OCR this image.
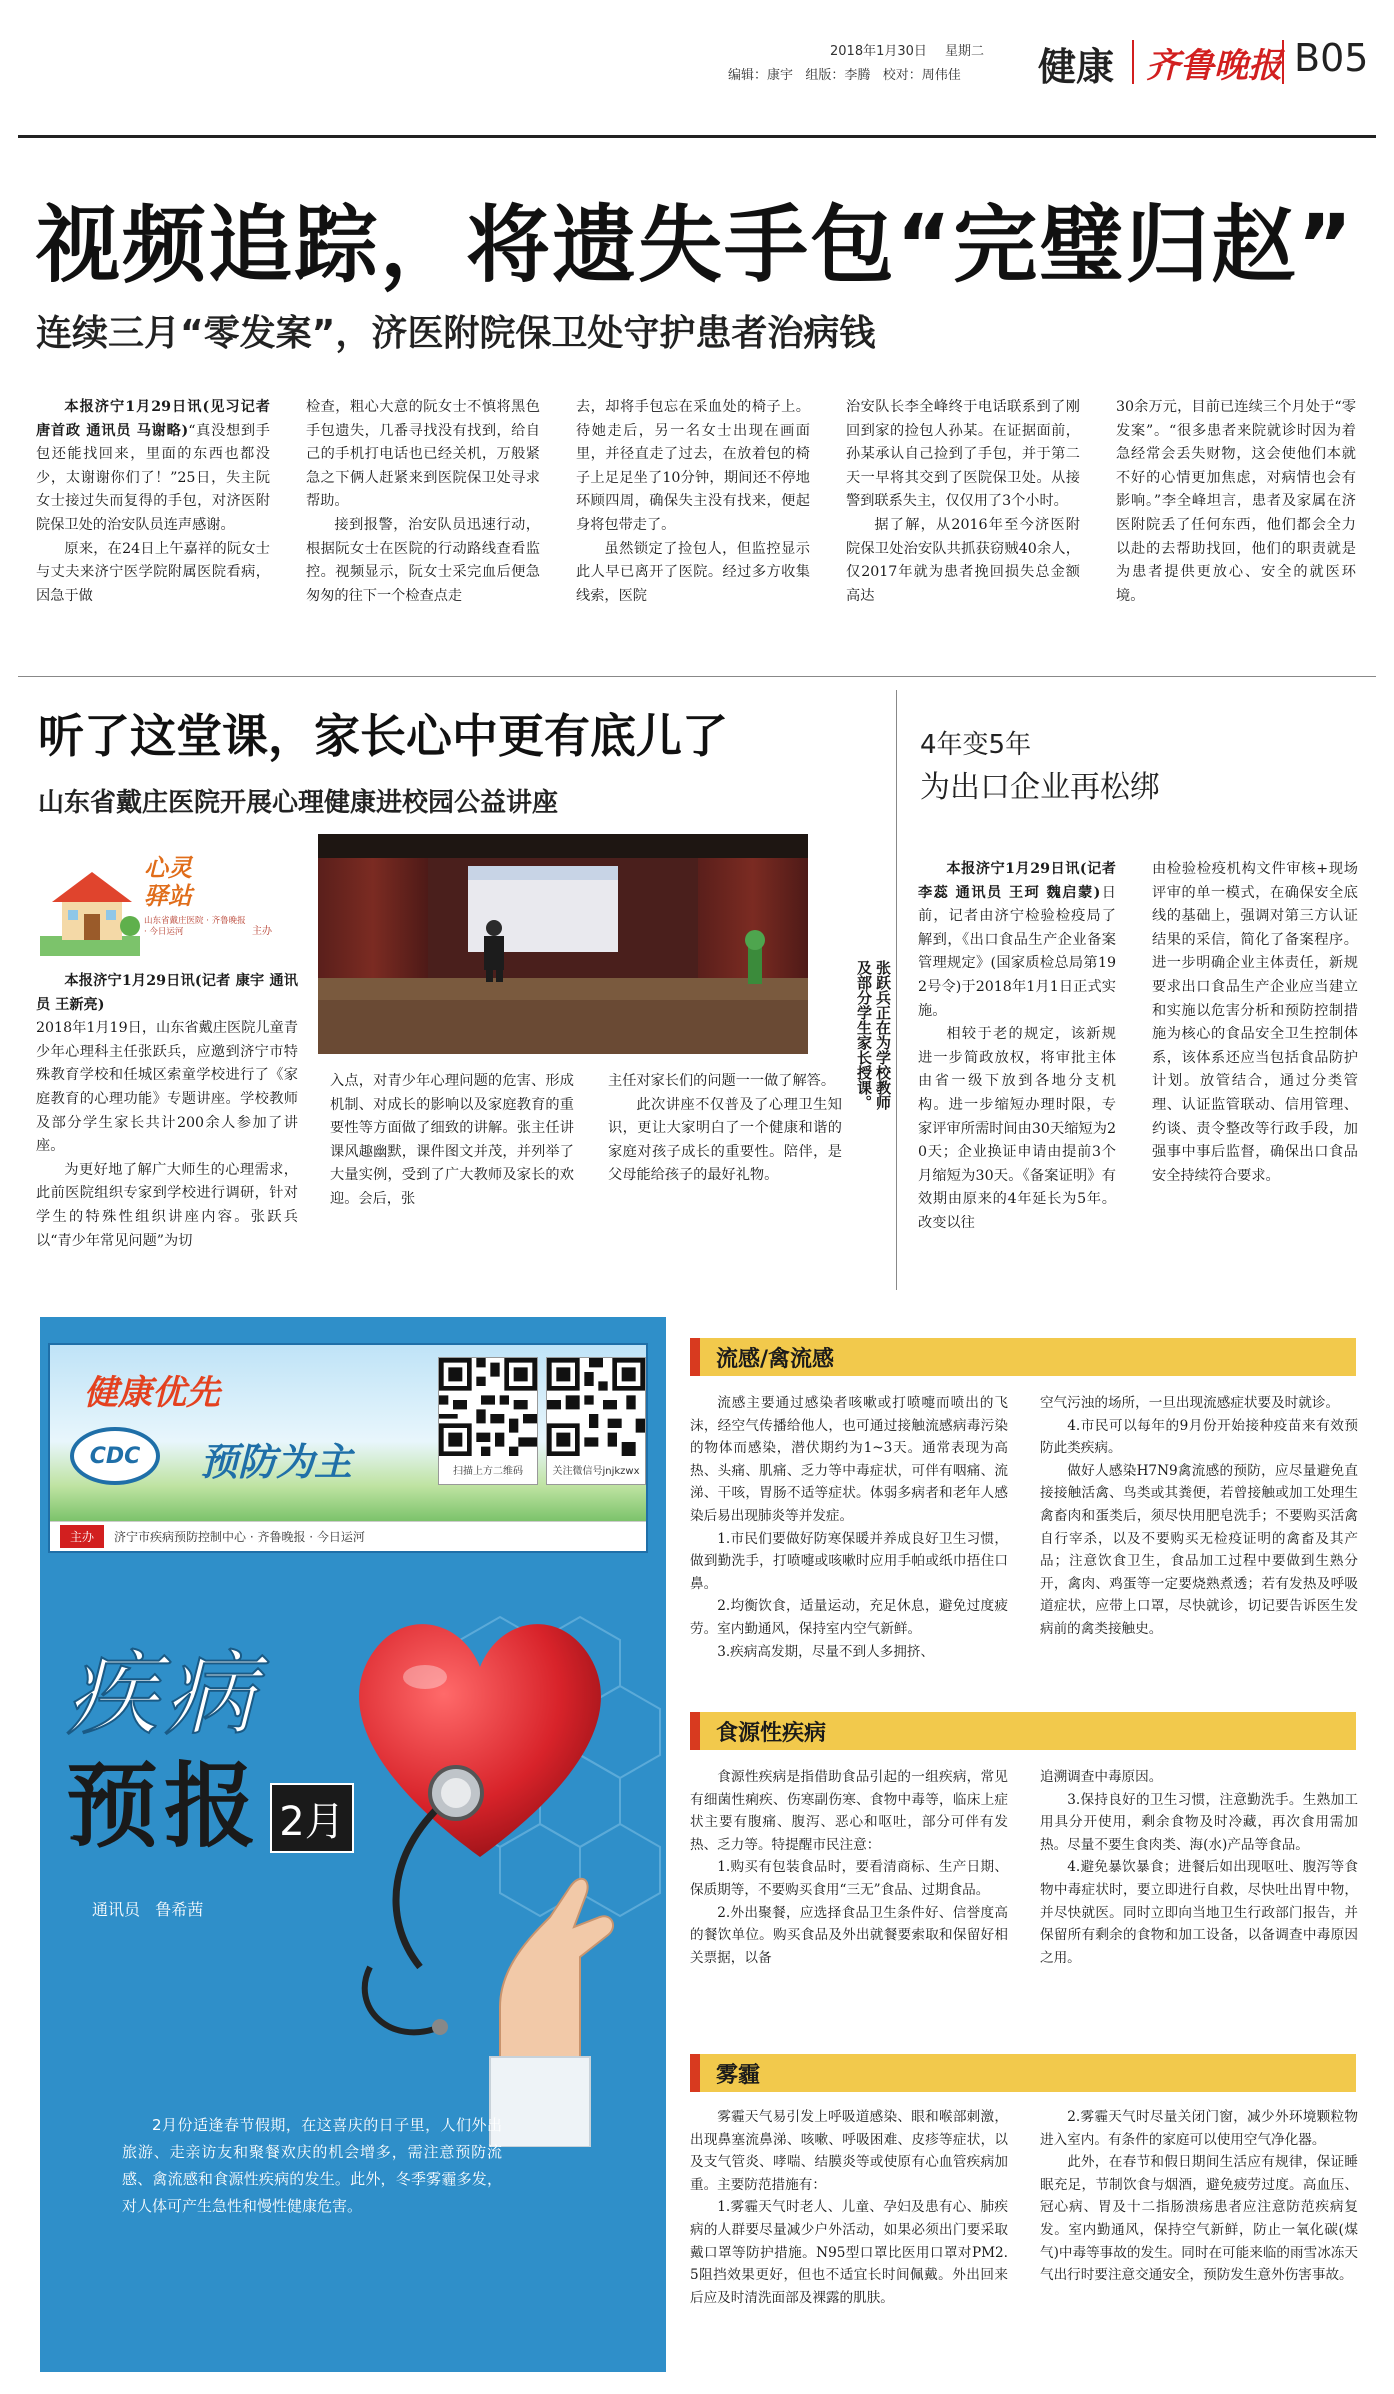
2018年1月30日 星期二
编辑：康宇   组版：李腾   校对：周伟佳 健康 齐鲁晚报 B05
视频追踪，将遗失手包“完璧归赵”
连续三月“零发案”，济医附院保卫处守护患者治病钱

本报济宁1月29日讯(见习记者 唐首政 通讯员 马谢略)“真没想到手包还能找回来，里面的东西也都没少，太谢谢你们了！”25日，失主阮女士接过失而复得的手包，对济医附院保卫处的治安队员连声感谢。

原来，在24日上午嘉祥的阮女士与丈夫来济宁医学院附属医院看病，因急于做

检查，粗心大意的阮女士不慎将黑色手包遗失，几番寻找没有找到，给自己的手机打电话也已经关机，万般紧急之下俩人赶紧来到医院保卫处寻求帮助。

接到报警，治安队员迅速行动，根据阮女士在医院的行动路线查看监控。视频显示，阮女士采完血后便急匆匆的往下一个检查点走

去，却将手包忘在采血处的椅子上。待她走后，另一名女士出现在画面里，并径直走了过去，在放着包的椅子上足足坐了10分钟，期间还不停地环顾四周，确保失主没有找来，便起身将包带走了。

虽然锁定了捡包人，但监控显示此人早已离开了医院。经过多方收集线索，医院

治安队长李全峰终于电话联系到了刚回到家的捡包人孙某。在证据面前，孙某承认自己捡到了手包，并于第二天一早将其交到了医院保卫处。从接警到联系失主，仅仅用了3个小时。

据了解，从2016年至今济医附院保卫处治安队共抓获窃贼40余人，仅2017年就为患者挽回损失总金额高达

30余万元，目前已连续三个月处于“零发案”。“很多患者来院就诊时因为着急经常会丢失财物，这会使他们本就不好的心情更加焦虑，对病情也会有影响。”李全峰坦言，患者及家属在济医附院丢了任何东西，他们都会全力以赴的去帮助找回，他们的职责就是为患者提供更放心、安全的就医环境。

听了这堂课，家长心中更有底儿了
山东省戴庄医院开展心理健康进校园公益讲座
心灵驿站
山东省戴庄医院 · 齐鲁晚报 · 今日运河	主办
张跃兵正在为学校教师及部分学生家长授课。

本报济宁1月29日讯(记者 康宇 通讯员 王新亮)

2018年1月19日，山东省戴庄医院儿童青少年心理科主任张跃兵，应邀到济宁市特殊教育学校和任城区索童学校进行了《家庭教育的心理功能》专题讲座。学校教师及部分学生家长共计200余人参加了讲座。

为更好地了解广大师生的心理需求，此前医院组织专家到学校进行调研，针对学生的特殊性组织讲座内容。张跃兵以“青少年常见问题”为切

入点，对青少年心理问题的危害、形成机制、对成长的影响以及家庭教育的重要性等方面做了细致的讲解。张主任讲课风趣幽默，课件图文并茂，并列举了大量实例，受到了广大教师及家长的欢迎。会后，张

主任对家长们的问题一一做了解答。

此次讲座不仅普及了心理卫生知识，更让大家明白了一个健康和谐的家庭对孩子成长的重要性。陪伴，是父母能给孩子的最好礼物。

4年变5年
为出口企业再松绑

本报济宁1月29日讯(记者 李蕊 通讯员 王珂 魏启蒙)日前，记者由济宁检验检疫局了解到，《出口食品生产企业备案管理规定》(国家质检总局第192号令)于2018年1月1日正式实施。

相较于老的规定，该新规进一步简政放权，将审批主体由省一级下放到各地分支机构。进一步缩短办理时限，专家评审所需时间由30天缩短为20天；企业换证申请由提前3个月缩短为30天。《备案证明》有效期由原来的4年延长为5年。改变以往

由检验检疫机构文件审核+现场评审的单一模式，在确保安全底线的基础上，强调对第三方认证结果的采信，简化了备案程序。进一步明确企业主体责任，新规要求出口食品生产企业应当建立和实施以危害分析和预防控制措施为核心的食品安全卫生控制体系，该体系还应当包括食品防护计划。放管结合，通过分类管理、认证监管联动、信用管理、约谈、责令整改等行政手段，加强事中事后监督，确保出口食品安全持续符合要求。

健康优先
CDC 预防为主	扫描上方二维码	关注微信号jnjkzwx
主办	济宁市疾病预防控制中心 · 齐鲁晚报 · 今日运河
疾病
预报 2月
通讯员   鲁希茜
2月份适逢春节假期，在这喜庆的日子里，人们外出旅游、走亲访友和聚餐欢庆的机会增多，需注意预防流感、禽流感和食源性疾病的发生。此外，冬季雾霾多发，对人体可产生急性和慢性健康危害。
流感/禽流感

流感主要通过感染者咳嗽或打喷嚏而喷出的飞沫，经空气传播给他人，也可通过接触流感病毒污染的物体而感染，潜伏期约为1~3天。通常表现为高热、头痛、肌痛、乏力等中毒症状，可伴有咽痛、流涕、干咳，胃肠不适等症状。体弱多病者和老年人感染后易出现肺炎等并发症。

1.市民们要做好防寒保暖并养成良好卫生习惯，做到勤洗手，打喷嚏或咳嗽时应用手帕或纸巾捂住口鼻。

2.均衡饮食，适量运动，充足休息，避免过度疲劳。室内勤通风，保持室内空气新鲜。

3.疾病高发期，尽量不到人多拥挤、

空气污浊的场所，一旦出现流感症状要及时就诊。

4.市民可以每年的9月份开始接种疫苗来有效预防此类疾病。

做好人感染H7N9禽流感的预防，应尽量避免直接接触活禽、鸟类或其粪便，若曾接触或加工处理生禽畜肉和蛋类后，须尽快用肥皂洗手；不要购买活禽自行宰杀，以及不要购买无检疫证明的禽畜及其产品；注意饮食卫生，食品加工过程中要做到生熟分开，禽肉、鸡蛋等一定要烧熟煮透；若有发热及呼吸道症状，应带上口罩，尽快就诊，切记要告诉医生发病前的禽类接触史。

食源性疾病

食源性疾病是指借助食品引起的一组疾病，常见有细菌性痢疾、伤寒副伤寒、食物中毒等，临床上症状主要有腹痛、腹泻、恶心和呕吐，部分可伴有发热、乏力等。特提醒市民注意：

1.购买有包装食品时，要看清商标、生产日期、保质期等，不要购买食用“三无”食品、过期食品。

2.外出聚餐，应选择食品卫生条件好、信誉度高的餐饮单位。购买食品及外出就餐要索取和保留好相关票据，以备

追溯调查中毒原因。

3.保持良好的卫生习惯，注意勤洗手。生熟加工用具分开使用，剩余食物及时冷藏，再次食用需加热。尽量不要生食肉类、海(水)产品等食品。

4.避免暴饮暴食；进餐后如出现呕吐、腹泻等食物中毒症状时，要立即进行自救，尽快吐出胃中物，并尽快就医。同时立即向当地卫生行政部门报告，并保留所有剩余的食物和加工设备，以备调查中毒原因之用。

雾霾

雾霾天气易引发上呼吸道感染、眼和喉部刺激，出现鼻塞流鼻涕、咳嗽、呼吸困难、皮疹等症状，以及支气管炎、哮喘、结膜炎等或使原有心血管疾病加重。主要防范措施有：

1.雾霾天气时老人、儿童、孕妇及患有心、肺疾病的人群要尽量减少户外活动，如果必须出门要采取戴口罩等防护措施。N95型口罩比医用口罩对PM2.5阻挡效果更好，但也不适宜长时间佩戴。外出回来后应及时清洗面部及裸露的肌肤。

2.雾霾天气时尽量关闭门窗，减少外环境颗粒物进入室内。有条件的家庭可以使用空气净化器。

此外，在春节和假日期间生活应有规律，保证睡眠充足，节制饮食与烟酒，避免疲劳过度。高血压、冠心病、胃及十二指肠溃疡患者应注意防范疾病复发。室内勤通风，保持空气新鲜，防止一氧化碳(煤气)中毒等事故的发生。同时在可能来临的雨雪冰冻天气出行时要注意交通安全，预防发生意外伤害事故。
